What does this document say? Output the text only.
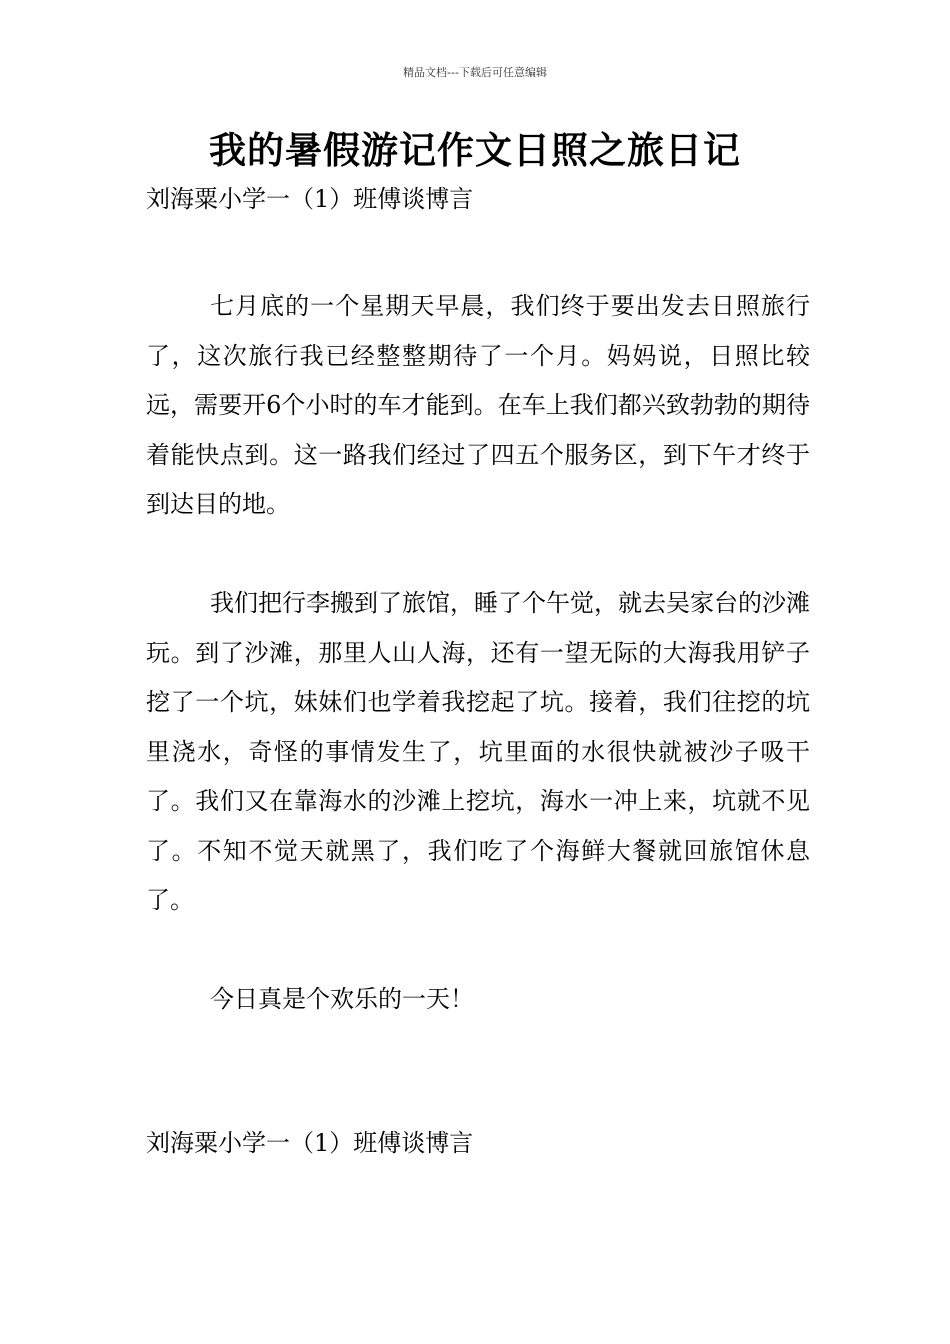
精品文档---下载后可任意编辑
我的暑假游记作文日照之旅日记
刘海粟小学一（1）班傅谈博言

七月底的一个星期天早晨，我们终于要出发去日照旅行了，这次旅行我已经整整期待了一个月。妈妈说，日照比较远，需要开6个小时的车才能到。在车上我们都兴致勃勃的期待着能快点到。这一路我们经过了四五个服务区，到下午才终于到达目的地。

我们把行李搬到了旅馆，睡了个午觉，就去吴家台的沙滩玩。到了沙滩，那里人山人海，还有一望无际的大海我用铲子挖了一个坑，妹妹们也学着我挖起了坑。接着，我们往挖的坑里浇水，奇怪的事情发生了，坑里面的水很快就被沙子吸干了。我们又在靠海水的沙滩上挖坑，海水一冲上来，坑就不见了。不知不觉天就黑了，我们吃了个海鲜大餐就回旅馆休息了。

今日真是个欢乐的一天！

刘海粟小学一（1）班傅谈博言
